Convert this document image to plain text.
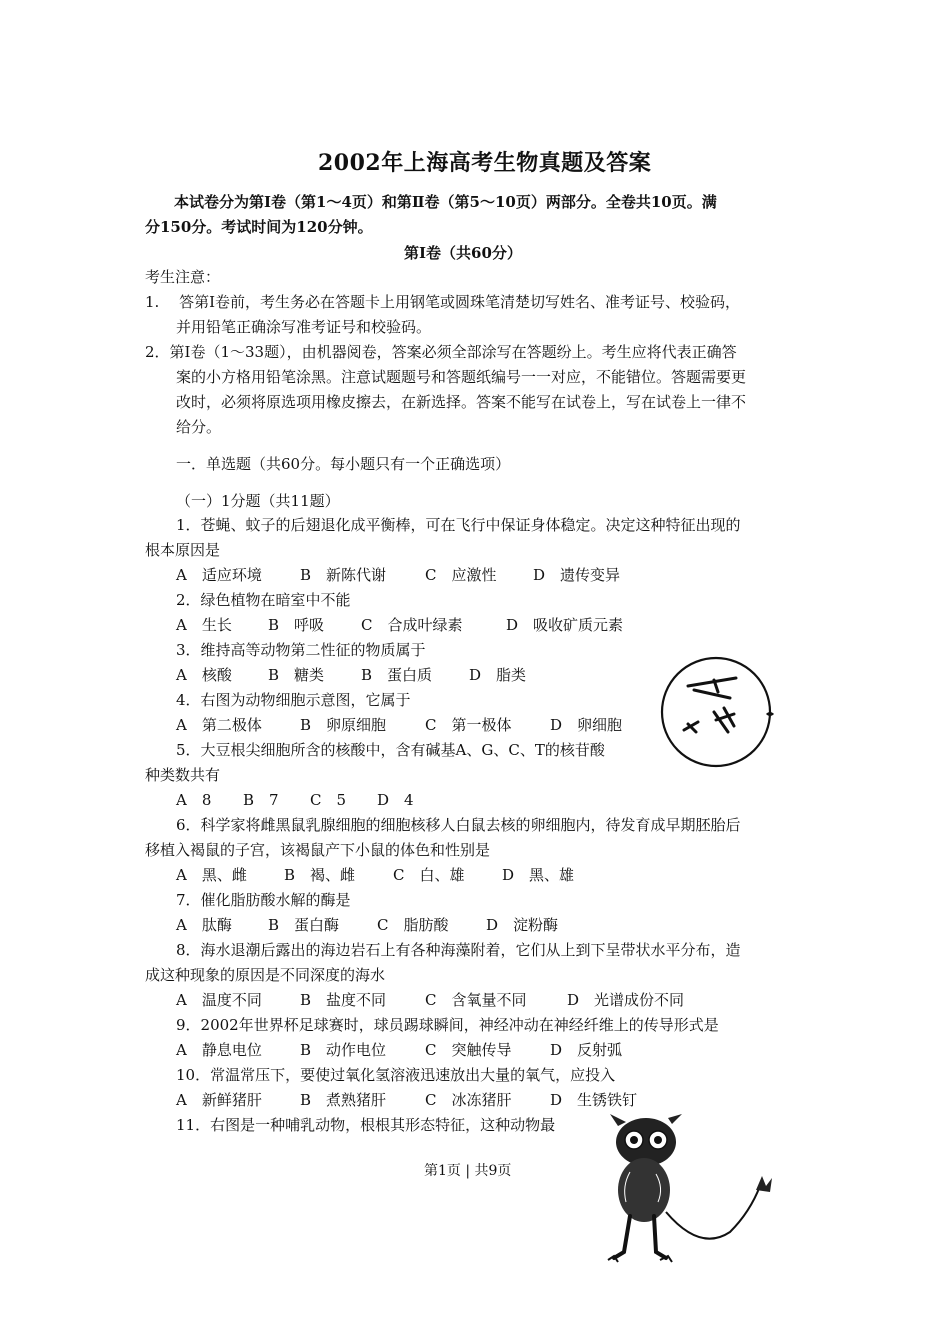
2002年上海高考生物真题及答案
本试卷分为第Ⅰ卷（第1～4页）和第Ⅱ卷（第5～10页）两部分。全卷共10页。满
分150分。考试时间为120分钟。
第Ⅰ卷（共60分）
考生注意：
1.　 答第Ⅰ卷前，考生务必在答题卡上用钢笔或圆珠笔清楚切写姓名、准考证号、校验码，
并用铅笔正确涂写准考证号和校验码。
2．第Ⅰ卷（1～33题），由机器阅卷，答案必须全部涂写在答题纷上。考生应将代表正确答
案的小方格用铅笔涂黑。注意试题题号和答题纸编号一一对应，不能错位。答题需要更
改时，必须将原选项用橡皮擦去，在新选择。答案不能写在试卷上，写在试卷上一律不
给分。
一．单选题（共60分。每小题只有一个正确选项）
（一）1分题（共11题）
1．苍蝇、蚊子的后翅退化成平衡棒，可在飞行中保证身体稳定。决定这种特征出现的
根本原因是
A　适应环境	B　新陈代谢	C　应激性 D　遗传变异
2．绿色植物在暗室中不能
A　生长 B　呼吸 C　合成叶绿素	D　吸收矿质元素
3．维持高等动物第二性征的物质属于
A　核酸 B　糖类 B　蛋白质 D　脂类
4．右图为动物细胞示意图，它属于
A　第二极体	B　卵原细胞	C　第一极体	D　卵细胞
5．大豆根尖细胞所含的核酸中，含有碱基A、G、C、T的核苷酸
种类数共有
A　8 B　7 C　5 D　4
6．科学家将雌黑鼠乳腺细胞的细胞核移人白鼠去核的卵细胞内，待发育成早期胚胎后
移植入褐鼠的子宫，该褐鼠产下小鼠的体色和性别是
A　黑、雌 B　褐、雌	C　白、雄	D　黑、雄
7．催化脂肪酸水解的酶是
A　肽酶 B　蛋白酶	C　脂肪酸	D　淀粉酶
8．海水退潮后露出的海边岩石上有各种海藻附着，它们从上到下呈带状水平分布，造
成这种现象的原因是不同深度的海水
A　温度不同	B　盐度不同	C　含氧量不同	D　光谱成份不同
9．2002年世界杯足球赛时，球员踢球瞬间，神经冲动在神经纤维上的传导形式是
A　静息电位	B　动作电位	C　突触传导	D　反射弧
10．常温常压下，要使过氧化氢溶液迅速放出大量的氧气，应投入
A　新鲜猪肝	B　煮熟猪肝	C　冰冻猪肝	D　生锈铁钉
11．右图是一种哺乳动物，根根其形态特征，这种动物最
第1页 | 共9页
